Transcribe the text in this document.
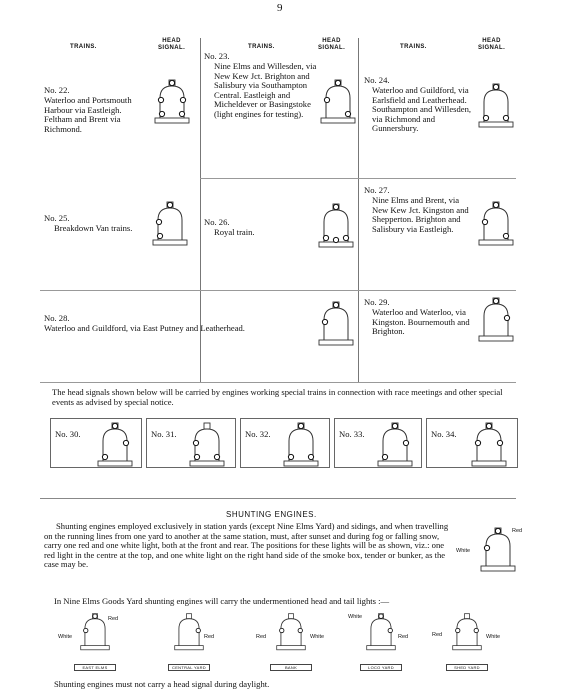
9
TRAINS.
HEAD
SIGNAL.	TRAINS.
HEAD
SIGNAL.	TRAINS.
HEAD
SIGNAL.
No. 22.
Waterloo and Portsmouth Harbour via Eastleigh. Feltham and Brent via Richmond.
No. 23.
Nine Elms and Willesden, via New Kew Jct. Brighton and Salisbury via Southampton Central. Eastleigh and Micheldever or Basingstoke (light engines for testing).
No. 24.
Waterloo and Guildford, via Earlsfield and Leatherhead. Southampton and Willesden, via Richmond and Gunnersbury.
No. 25.
Breakdown Van trains.
No. 26.
Royal train.
No. 27.
Nine Elms and Brent, via New Kew Jct. Kingston and Shepperton. Brighton and Salisbury via Eastleigh.
No. 28.
Waterloo and Guildford, via East Putney and Leatherhead.
No. 29.
Waterloo and Waterloo, via Kingston. Bournemouth and Brighton.
The head signals shown below will be carried by engines working special trains in connection with race meetings and other special events as advised by special notice.
No. 30.	No. 31.	No. 32.	No. 33.	No. 34.
SHUNTING ENGINES.
Shunting engines employed exclusively in station yards (except Nine Elms Yard) and sidings, and when travelling on the running lines from one yard to another at the same station, must, after sunset and during fog or falling snow, carry one red and one white light, both at the front and rear. The positions for these lights will be as shown, viz.: one red light in the centre at the top, and one white light on the right hand side of the smoke box, tender or bunker, as the case may be.
White
Red
In Nine Elms Goods Yard shunting engines will carry the undermentioned head and tail lights :—
White
Red
EAST ELMS
Red
CENTRAL YARD
Red	White
BANK
White
Red
LOCO YARD
Red	White
SHED YARD
Shunting engines must not carry a head signal during daylight.
